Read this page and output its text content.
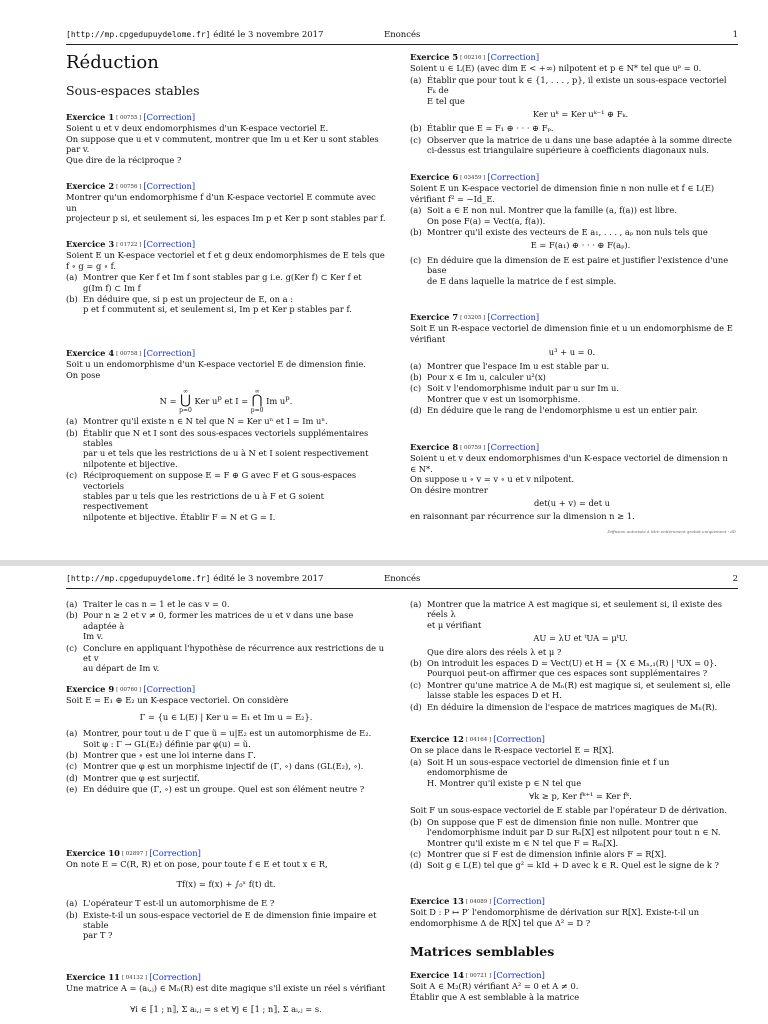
[http://mp.cpgedupuydelome.fr] édité le 3 novembre 2017	Enoncés	1
Réduction
Sous-espaces stables

Exercice 1 [ 00755 ] [Correction]

Soient u et v deux endomorphismes d'un K-espace vectoriel E.

On suppose que u et v commutent, montrer que Im u et Ker u sont stables par v.

Que dire de la réciproque ?

Exercice 2 [ 00756 ] [Correction]

Montrer qu'un endomorphisme f d'un K-espace vectoriel E commute avec un

projecteur p si, et seulement si, les espaces Im p et Ker p sont stables par f.

Exercice 3 [ 01722 ] [Correction]

Soient E un K-espace vectoriel et f et g deux endomorphismes de E tels que

f ∘ g = g ∘ f.

(a) Montrer que Ker f et Im f sont stables par g i.e. g(Ker f) ⊂ Ker f et
g(Im f) ⊂ Im f
(b) En déduire que, si p est un projecteur de E, on a :
p et f commutent si, et seulement si, Im p et Ker p stables par f.

Exercice 4 [ 00758 ] [Correction]

Soit u un endomorphisme d'un K-espace vectoriel E de dimension finie.

On pose

N = ∞
⋃
p=0 Ker $u^p$ et I = ∞
⋂
p=0 Im $u^p$.
(a) Montrer qu'il existe n ∈ N tel que N = Ker uⁿ et I = Im uⁿ.
(b) Établir que N et I sont des sous-espaces vectoriels supplémentaires stables
par u et tels que les restrictions de u à N et I soient respectivement
nilpotente et bijective.
(c) Réciproquement on suppose E = F ⊕ G avec F et G sous-espaces vectoriels
stables par u tels que les restrictions de u à F et G soient respectivement
nilpotente et bijective. Établir F = N et G = I.

Exercice 5 [ 00216 ] [Correction]

Soient u ∈ L(E) (avec dim E < +∞) nilpotent et p ∈ N* tel que uᵖ = 0.

(a) Établir que pour tout k ∈ {1, . . . , p}, il existe un sous-espace vectoriel Fₖ de
E tel que
Ker uᵏ = Ker uᵏ⁻¹ ⊕ Fₖ.
(b) Établir que E = F₁ ⊕ · · · ⊕ Fₚ.
(c) Observer que la matrice de u dans une base adaptée à la somme directe
ci-dessus est triangulaire supérieure à coefficients diagonaux nuls.

Exercice 6 [ 03459 ] [Correction]

Soient E un K-espace vectoriel de dimension finie n non nulle et f ∈ L(E)

vérifiant f² = −Id_E.

(a) Soit a ∈ E non nul. Montrer que la famille (a, f(a)) est libre.
On pose F(a) = Vect(a, f(a)).
(b) Montrer qu'il existe des vecteurs de E a₁, . . . , aₚ non nuls tels que
E = F(a₁) ⊕ · · · ⊕ F(aₚ).
(c) En déduire que la dimension de E est paire et justifier l'existence d'une base
de E dans laquelle la matrice de f est simple.

Exercice 7 [ 03205 ] [Correction]

Soit E un R-espace vectoriel de dimension finie et u un endomorphisme de E

vérifiant

u³ + u = 0.
(a) Montrer que l'espace Im u est stable par u.
(b) Pour x ∈ Im u, calculer u²(x)
(c) Soit v l'endomorphisme induit par u sur Im u.
Montrer que v est un isomorphisme.
(d) En déduire que le rang de l'endomorphisme u est un entier pair.

Exercice 8 [ 00759 ] [Correction]

Soient u et v deux endomorphismes d'un K-espace vectoriel de dimension n ∈ N*.

On suppose u ∘ v = v ∘ u et v nilpotent.

On désire montrer

det(u + v) = det u

en raisonnant par récurrence sur la dimension n ≥ 1.

Diffusion autorisée à titre entièrement gratuit uniquement - dD
[http://mp.cpgedupuydelome.fr] édité le 3 novembre 2017	Enoncés	2
(a) Traiter le cas n = 1 et le cas v = 0.
(b) Pour n ≥ 2 et v ≠ 0, former les matrices de u et v dans une base adaptée à
Im v.
(c) Conclure en appliquant l'hypothèse de récurrence aux restrictions de u et v
au départ de Im v.

Exercice 9 [ 00760 ] [Correction]

Soit E = E₁ ⊕ E₂ un K-espace vectoriel. On considère

Γ = {u ∈ L(E) | Ker u = E₁ et Im u = E₂}.
(a) Montrer, pour tout u de Γ que ũ = u|E₂ est un automorphisme de E₂.
Soit φ : Γ → GL(E₂) définie par φ(u) = ũ.
(b) Montrer que ∘ est une loi interne dans Γ.
(c) Montrer que φ est un morphisme injectif de (Γ, ∘) dans (GL(E₂), ∘).
(d) Montrer que φ est surjectif.
(e) En déduire que (Γ, ∘) est un groupe. Quel est son élément neutre ?

Exercice 10 [ 02897 ] [Correction]

On note E = C(R, R) et on pose, pour toute f ∈ E et tout x ∈ R,

Tf(x) = f(x) + ∫₀ˣ f(t) dt.
(a) L'opérateur T est-il un automorphisme de E ?
(b) Existe-t-il un sous-espace vectoriel de E de dimension finie impaire et stable
par T ?

Exercice 11 [ 04132 ] [Correction]

Une matrice A = (aᵢ,ⱼ) ∈ Mₙ(R) est dite magique s'il existe un réel s vérifiant

∀i ∈ ⟦1 ; n⟧, Σ aᵢ,ⱼ = s et ∀j ∈ ⟦1 ; n⟧, Σ aᵢ,ⱼ = s.
(a) Montrer que la matrice A est magique si, et seulement si, il existe des réels λ
et μ vérifiant
AU = λU et ᵗUA = μᵗU.
Que dire alors des réels λ et μ ?
(b) On introduit les espaces D = Vect(U) et H = {X ∈ Mₙ,₁(R) | ᵗUX = 0}.
Pourquoi peut-on affirmer que ces espaces sont supplémentaires ?
(c) Montrer qu'une matrice A de Mₙ(R) est magique si, et seulement si, elle
laisse stable les espaces D et H.
(d) En déduire la dimension de l'espace de matrices magiques de Mₙ(R).

Exercice 12 [ 04164 ] [Correction]

On se place dans le R-espace vectoriel E = R[X].

(a) Soit H un sous-espace vectoriel de dimension finie et f un endomorphisme de
H. Montrer qu'il existe p ∈ N tel que
∀k ≥ p, Ker fᵏ⁺¹ = Ker fᵏ.

Soit F un sous-espace vectoriel de E stable par l'opérateur D de dérivation.

(b) On suppose que F est de dimension finie non nulle. Montrer que
l'endomorphisme induit par D sur Rₙ[X] est nilpotent pour tout n ∈ N.
Montrer qu'il existe m ∈ N tel que F = Rₘ[X].
(c) Montrer que si F est de dimension infinie alors F = R[X].
(d) Soit g ∈ L(E) tel que g² = kId + D avec k ∈ R. Quel est le signe de k ?

Exercice 13 [ 04089 ] [Correction]

Soit D : P ↦ P′ l'endomorphisme de dérivation sur R[X]. Existe-t-il un

endomorphisme Δ de R[X] tel que Δ² = D ?

Matrices semblables

Exercice 14 [ 00721 ] [Correction]

Soit A ∈ M₂(R) vérifiant A² = 0 et A ≠ 0.

Établir que A est semblable à la matrice
